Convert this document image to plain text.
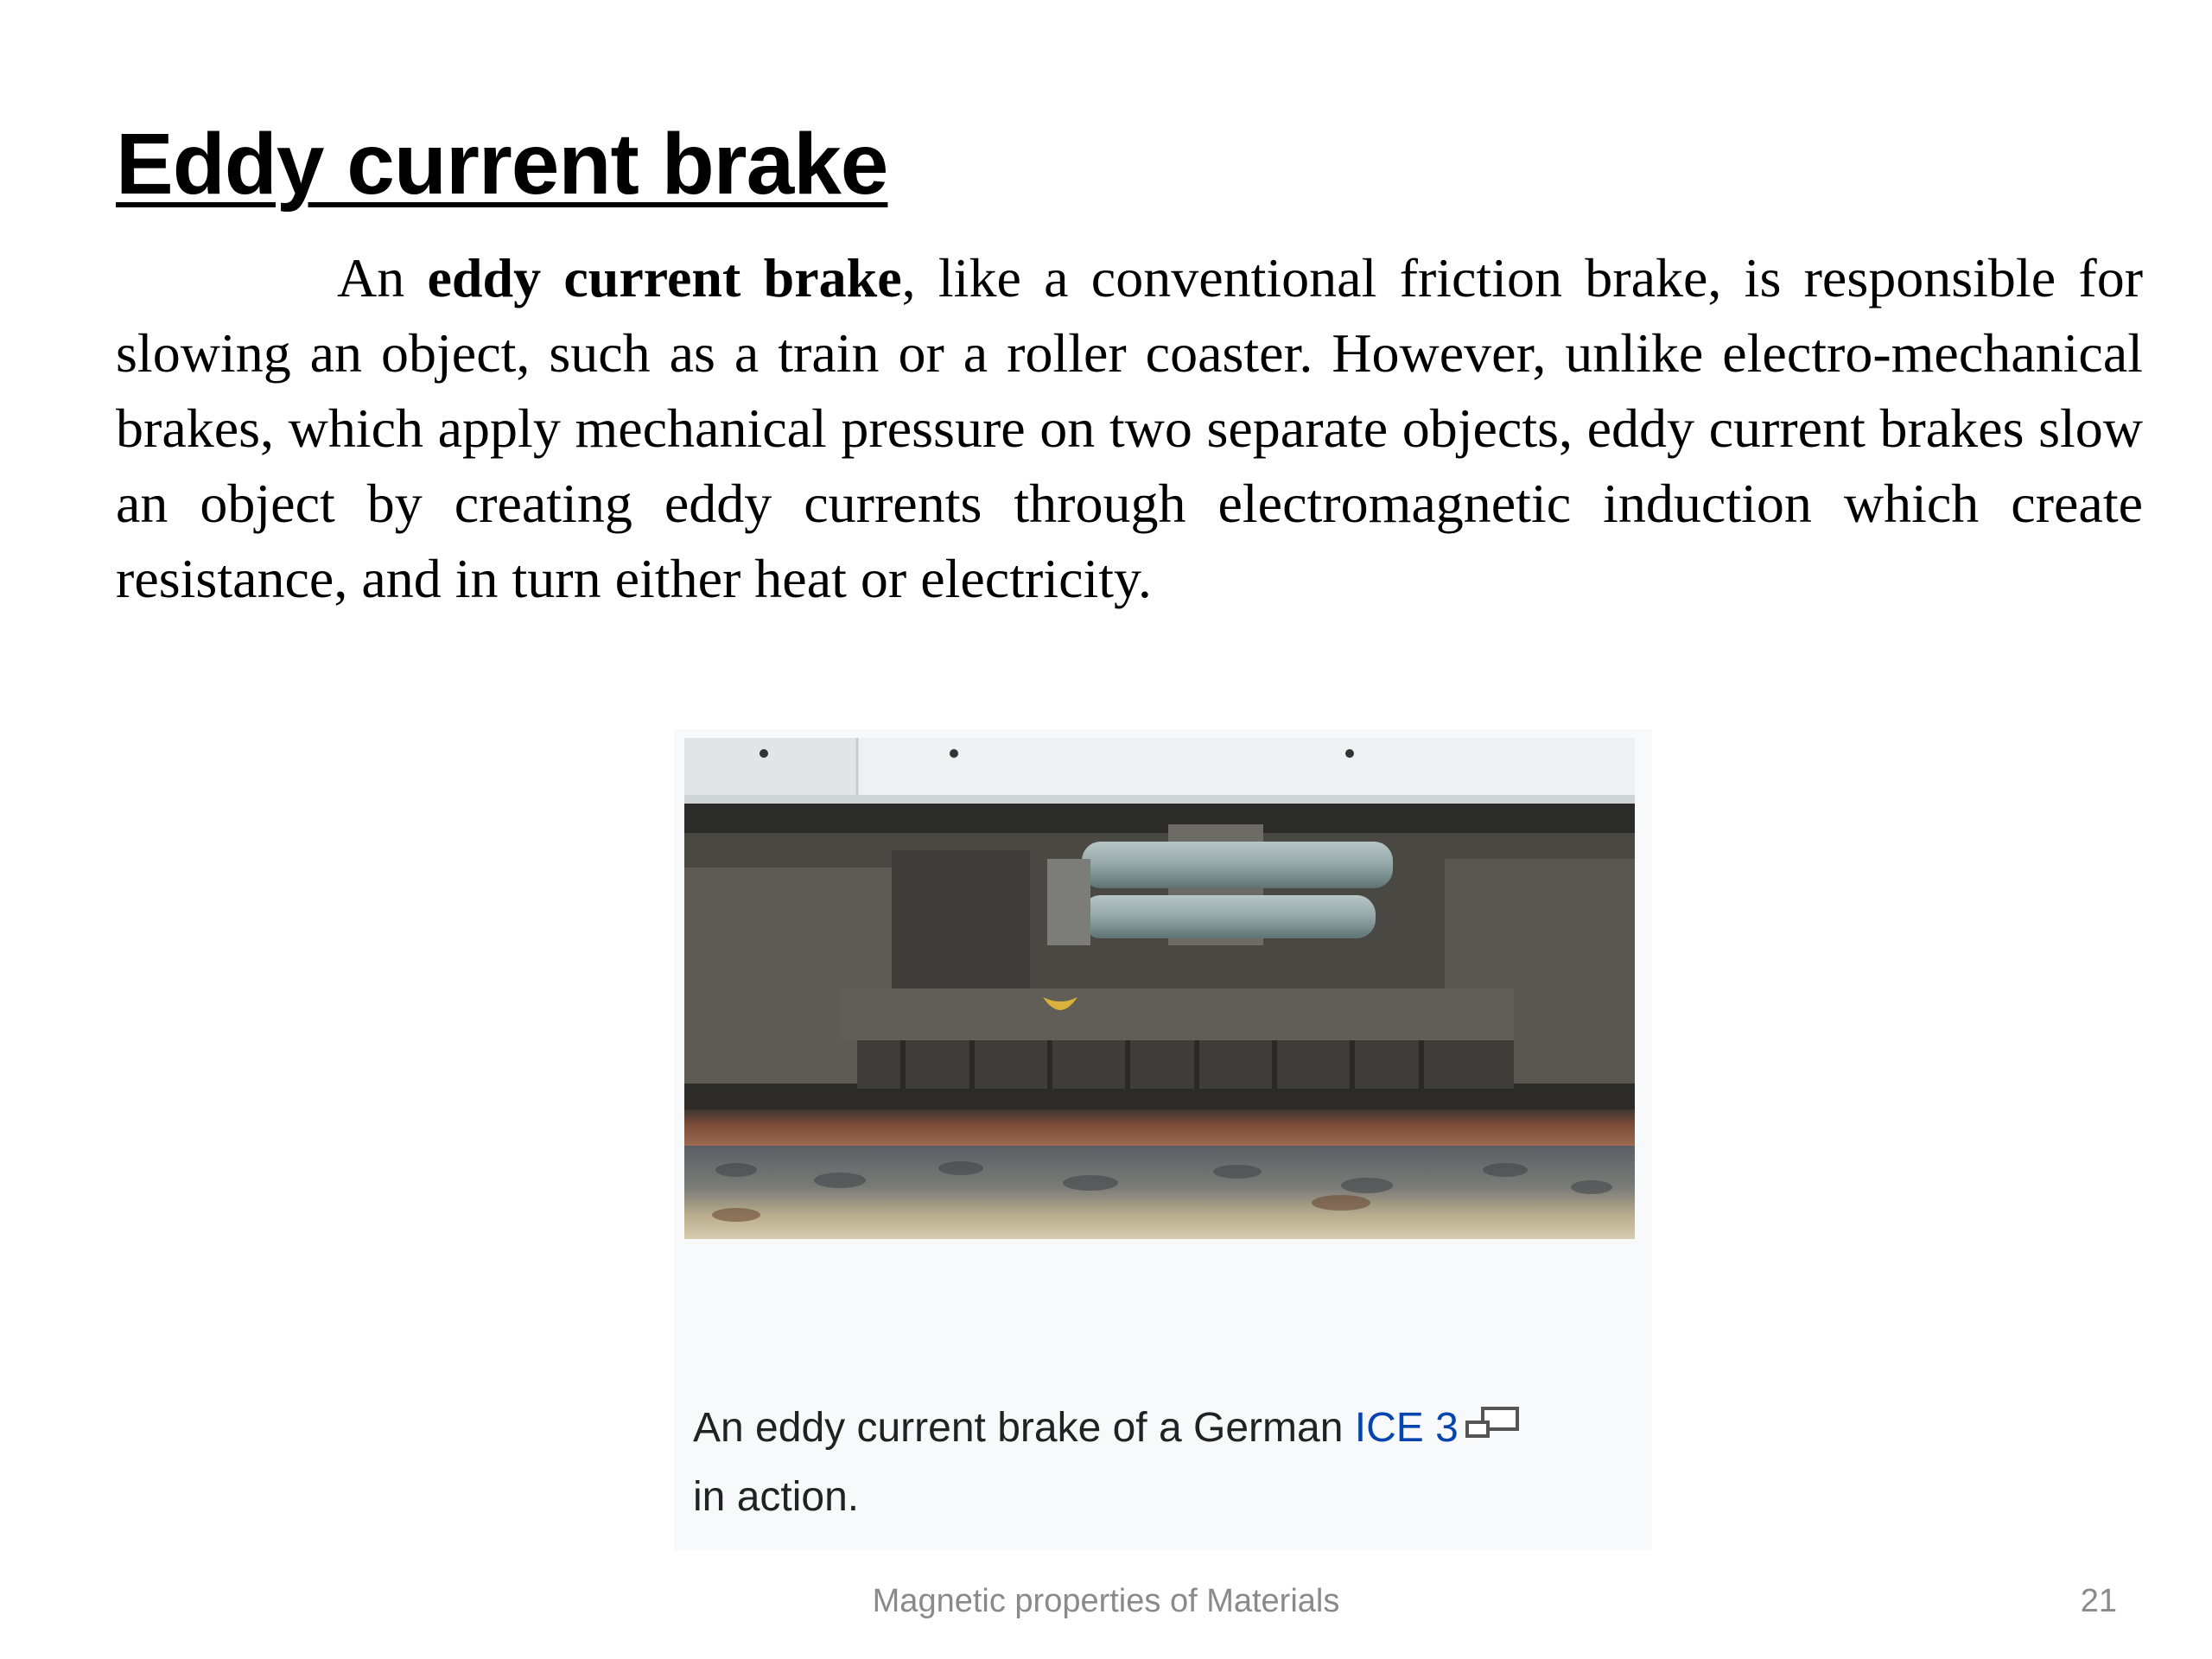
Eddy current brake

An eddy current brake, like a conventional friction brake, is responsible for slowing an object, such as a train or a roller coaster. However, unlike electro-mechanical brakes, which apply mechanical pressure on two separate objects, eddy current brakes slow an object by creating eddy currents through electromagnetic induction which create resistance, and in turn either heat or electricity.

An eddy current brake of a German ICE 3
in action.
Magnetic properties of Materials	21
